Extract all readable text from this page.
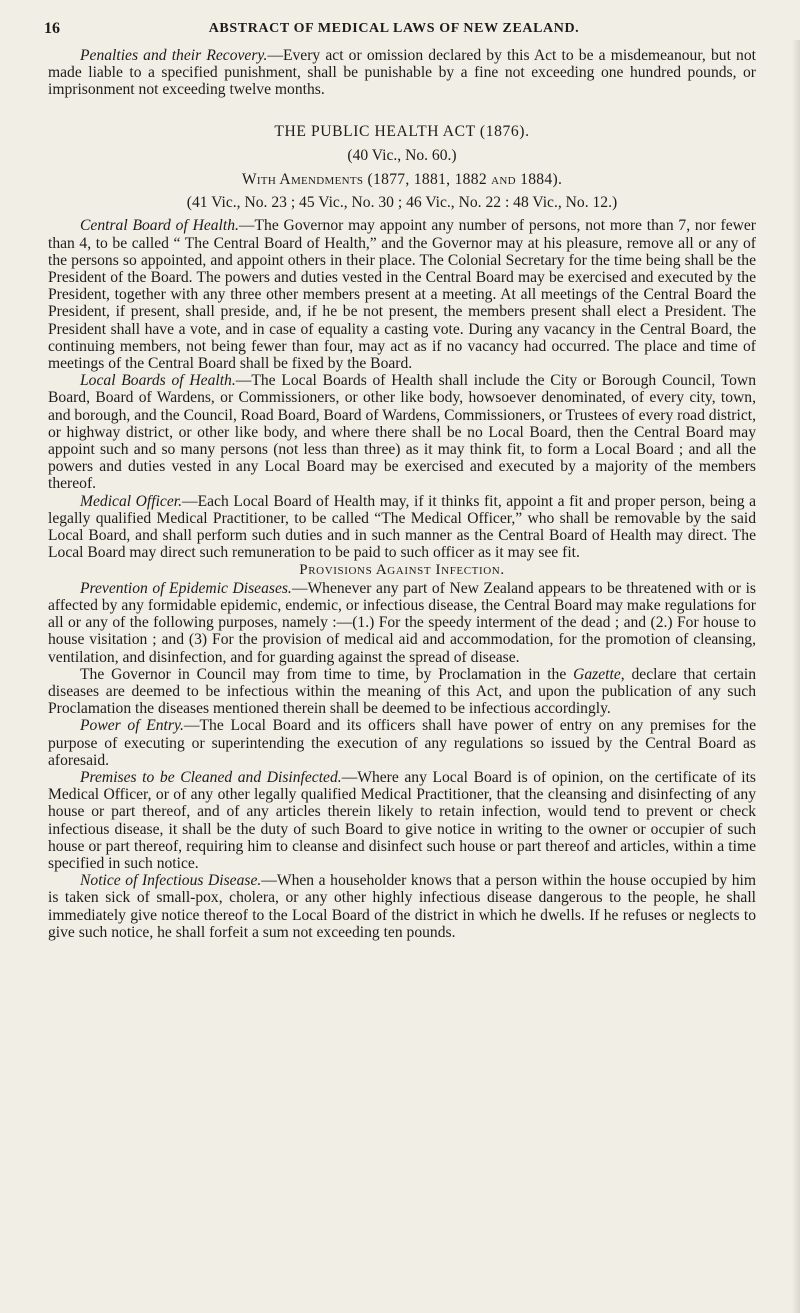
16	ABSTRACT OF MEDICAL LAWS OF NEW ZEALAND.

Penalties and their Recovery.—Every act or omission declared by this Act to be a misdemeanour, but not made liable to a specified punishment, shall be punishable by a fine not exceeding one hundred pounds, or imprisonment not exceeding twelve months.

THE PUBLIC HEALTH ACT (1876).

(40 Vic., No. 60.)

With Amendments (1877, 1881, 1882 and 1884).

(41 Vic., No. 23 ; 45 Vic., No. 30 ; 46 Vic., No. 22 : 48 Vic., No. 12.)

Central Board of Health.—The Governor may appoint any number of persons, not more than 7, nor fewer than 4, to be called “ The Central Board of Health,” and the Governor may at his pleasure, remove all or any of the persons so appointed, and appoint others in their place. The Colonial Secretary for the time being shall be the President of the Board. The powers and duties vested in the Central Board may be exercised and executed by the President, together with any three other members present at a meeting. At all meetings of the Central Board the President, if present, shall preside, and, if he be not present, the members present shall elect a President. The President shall have a vote, and in case of equality a casting vote. During any vacancy in the Central Board, the continuing members, not being fewer than four, may act as if no vacancy had occurred. The place and time of meetings of the Central Board shall be fixed by the Board.

Local Boards of Health.—The Local Boards of Health shall include the City or Borough Council, Town Board, Board of Wardens, or Commissioners, or other like body, howsoever denominated, of every city, town, and borough, and the Council, Road Board, Board of Wardens, Commissioners, or Trustees of every road district, or highway district, or other like body, and where there shall be no Local Board, then the Central Board may appoint such and so many persons (not less than three) as it may think fit, to form a Local Board ; and all the powers and duties vested in any Local Board may be exercised and executed by a majority of the members thereof.

Medical Officer.—Each Local Board of Health may, if it thinks fit, appoint a fit and proper person, being a legally qualified Medical Practitioner, to be called “The Medical Officer,” who shall be removable by the said Local Board, and shall perform such duties and in such manner as the Central Board of Health may direct. The Local Board may direct such remuneration to be paid to such officer as it may see fit.

Provisions Against Infection.

Prevention of Epidemic Diseases.—Whenever any part of New Zealand appears to be threatened with or is affected by any formidable epidemic, endemic, or infectious disease, the Central Board may make regulations for all or any of the following purposes, namely :—(1.) For the speedy interment of the dead ; and (2.) For house to house visitation ; and (3) For the provision of medical aid and accommodation, for the promotion of cleansing, ventilation, and disinfection, and for guarding against the spread of disease.

The Governor in Council may from time to time, by Proclamation in the Gazette, declare that certain diseases are deemed to be infectious within the meaning of this Act, and upon the publication of any such Proclamation the diseases mentioned therein shall be deemed to be infectious accordingly.

Power of Entry.—The Local Board and its officers shall have power of entry on any premises for the purpose of executing or superintending the execution of any regulations so issued by the Central Board as aforesaid.

Premises to be Cleaned and Disinfected.—Where any Local Board is of opinion, on the certificate of its Medical Officer, or of any other legally qualified Medical Practitioner, that the cleansing and disinfecting of any house or part thereof, and of any articles therein likely to retain infection, would tend to prevent or check infectious disease, it shall be the duty of such Board to give notice in writing to the owner or occupier of such house or part thereof, requiring him to cleanse and disinfect such house or part thereof and articles, within a time specified in such notice.

Notice of Infectious Disease.—When a householder knows that a person within the house occupied by him is taken sick of small-pox, cholera, or any other highly infectious disease dangerous to the people, he shall immediately give notice thereof to the Local Board of the district in which he dwells. If he refuses or neglects to give such notice, he shall forfeit a sum not exceeding ten pounds.
